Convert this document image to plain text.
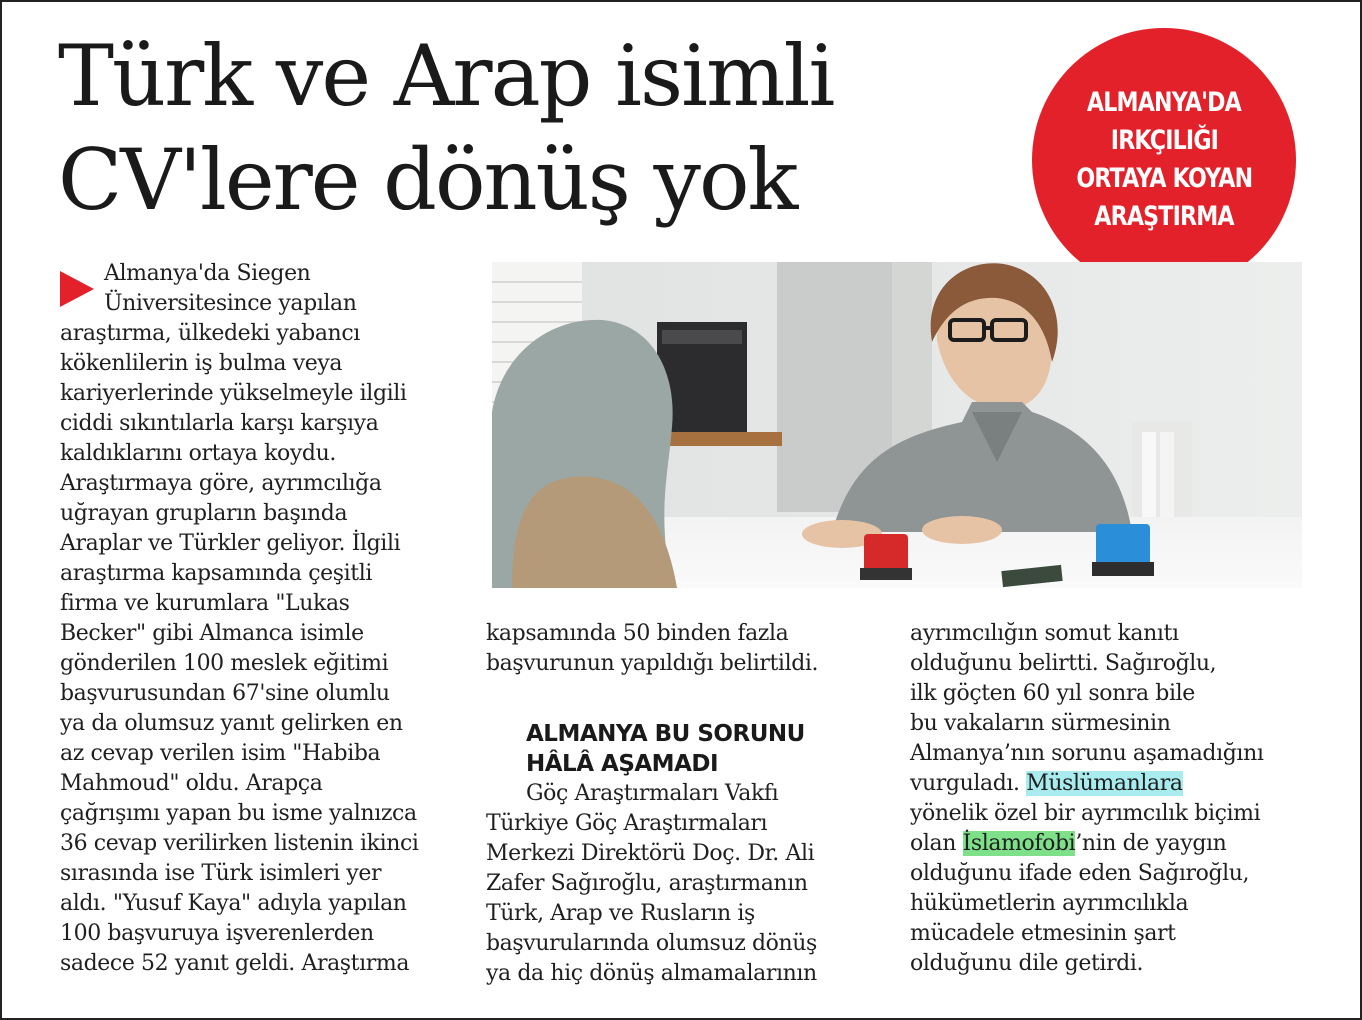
Türk ve Arap isimli
CV'lere dönüş yok
ALMANYA'DA
IRKÇILIĞI
ORTAYA KOYAN
ARAŞTIRMA
Almanya'da Siegen
Üniversitesince yapılan
araştırma, ülkedeki yabancı
kökenlilerin iş bulma veya
kariyerlerinde yükselmeyle ilgili
ciddi sıkıntılarla karşı karşıya
kaldıklarını ortaya koydu.
Araştırmaya göre, ayrımcılığa
uğrayan grupların başında
Araplar ve Türkler geliyor. İlgili
araştırma kapsamında çeşitli
firma ve kurumlara "Lukas
Becker" gibi Almanca isimle
gönderilen 100 meslek eğitimi
başvurusundan 67'sine olumlu
ya da olumsuz yanıt gelirken en
az cevap verilen isim "Habiba
Mahmoud" oldu. Arapça
çağrışımı yapan bu isme yalnızca
36 cevap verilirken listenin ikinci
sırasında ise Türk isimleri yer
aldı. "Yusuf Kaya" adıyla yapılan
100 başvuruya işverenlerden
sadece 52 yanıt geldi. Araştırma
kapsamında 50 binden fazla
başvurunun yapıldığı belirtildi.
ALMANYA BU SORUNU
HÂLÂ AŞAMADI
Göç Araştırmaları Vakfı
Türkiye Göç Araştırmaları
Merkezi Direktörü Doç. Dr. Ali
Zafer Sağıroğlu, araştırmanın
Türk, Arap ve Rusların iş
başvurularında olumsuz dönüş
ya da hiç dönüş almamalarının
ayrımcılığın somut kanıtı
olduğunu belirtti. Sağıroğlu,
ilk göçten 60 yıl sonra bile
bu vakaların sürmesinin
Almanya’nın sorunu aşamadığını
vurguladı. Müslümanlara
yönelik özel bir ayrımcılık biçimi
olan İslamofobi’nin de yaygın
olduğunu ifade eden Sağıroğlu,
hükümetlerin ayrımcılıkla
mücadele etmesinin şart
olduğunu dile getirdi.
